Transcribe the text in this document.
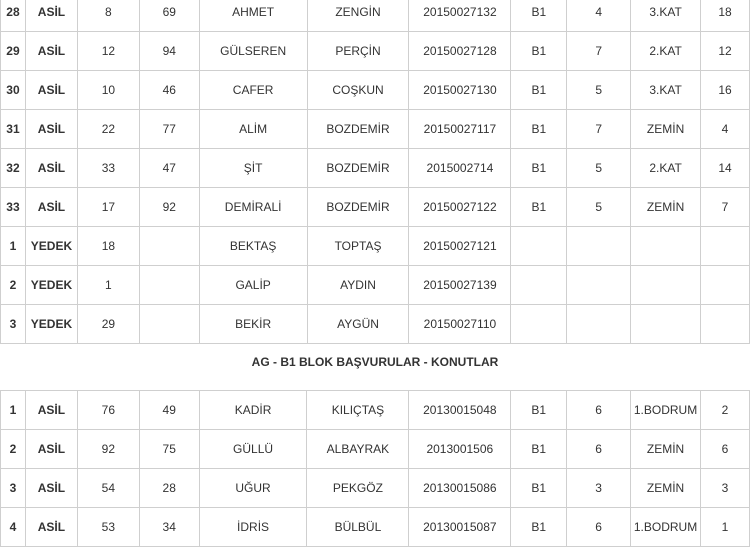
28	ASİL	8	69	AHMET	ZENGİN	20150027132	B1	4	3.KAT	18
29	ASİL	12	94	GÜLSEREN	PERÇİN	20150027128	B1	7	2.KAT	12
30	ASİL	10	46	CAFER	COŞKUN	20150027130	B1	5	3.KAT	16
31	ASİL	22	77	ALİM	BOZDEMİR	20150027117	B1	7	ZEMİN	4
32	ASİL	33	47	ŞİT	BOZDEMİR	2015002714	B1	5	2.KAT	14
33	ASİL	17	92	DEMİRALİ	BOZDEMİR	20150027122	B1	5	ZEMİN	7
1	YEDEK	18		BEKTAŞ	TOPTAŞ	20150027121				
2	YEDEK	1		GALİP	AYDIN	20150027139				
3	YEDEK	29		BEKİR	AYGÜN	20150027110				
AG - B1 BLOK BAŞVURULAR - KONUTLAR
1	ASİL	76	49	KADİR	KILIÇTAŞ	20130015048	B1	6	1.BODRUM	2
2	ASİL	92	75	GÜLLÜ	ALBAYRAK	2013001506	B1	6	ZEMİN	6
3	ASİL	54	28	UĞUR	PEKGÖZ	20130015086	B1	3	ZEMİN	3
4	ASİL	53	34	İDRİS	BÜLBÜL	20130015087	B1	6	1.BODRUM	1
